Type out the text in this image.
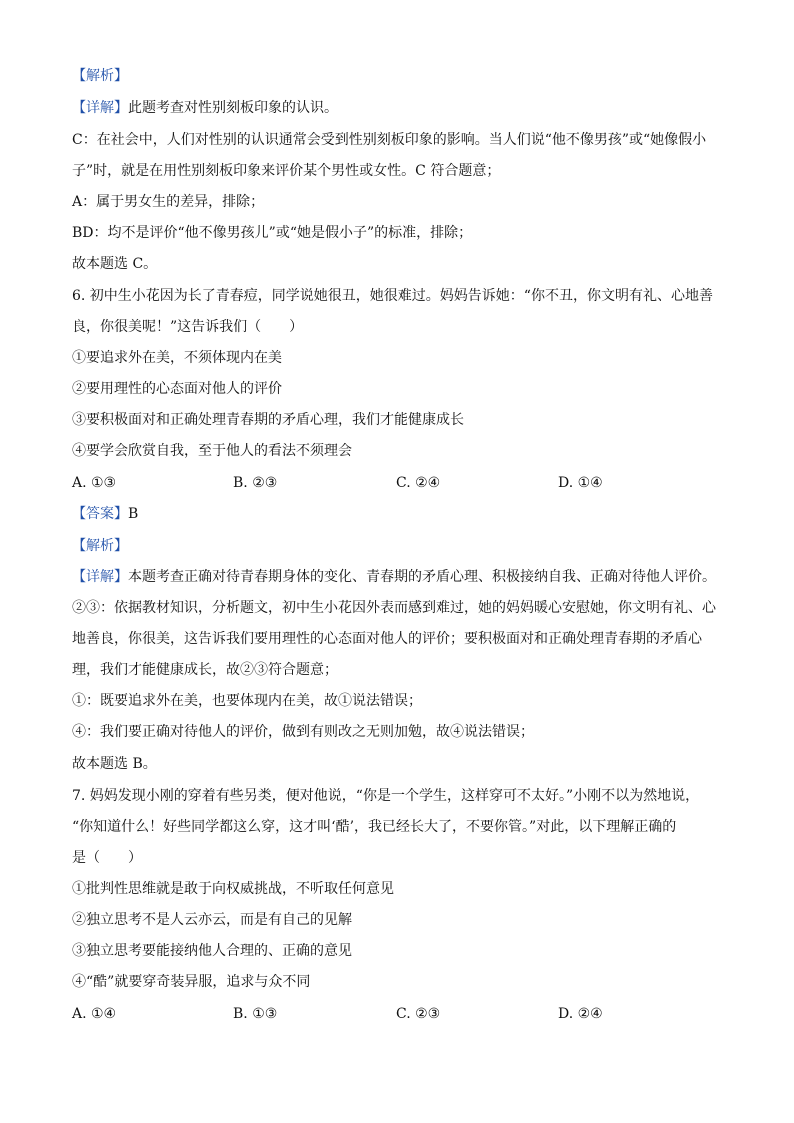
【解析】
【详解】此题考查对性别刻板印象的认识。
C：在社会中，人们对性别的认识通常会受到性别刻板印象的影响。当人们说“他不像男孩”或“她像假小
子”时，就是在用性别刻板印象来评价某个男性或女性。C 符合题意；
A：属于男女生的差异，排除；
BD：均不是评价“他不像男孩儿”或“她是假小子”的标准，排除；
故本题选 C。
6. 初中生小花因为长了青春痘，同学说她很丑，她很难过。妈妈告诉她：“你不丑，你文明有礼、心地善
良，你很美呢！”这告诉我们（　　）
①要追求外在美，不须体现内在美
②要用理性的心态面对他人的评价
③要积极面对和正确处理青春期的矛盾心理，我们才能健康成长
④要学会欣赏自我，至于他人的看法不须理会
A. ①③	B. ②③	C. ②④	D. ①④
【答案】B
【解析】
【详解】本题考查正确对待青春期身体的变化、青春期的矛盾心理、积极接纳自我、正确对待他人评价。
②③：依据教材知识，分析题文，初中生小花因外表而感到难过，她的妈妈暖心安慰她，你文明有礼、心
地善良，你很美，这告诉我们要用理性的心态面对他人的评价；要积极面对和正确处理青春期的矛盾心
理，我们才能健康成长，故②③符合题意；
①：既要追求外在美，也要体现内在美，故①说法错误；
④：我们要正确对待他人的评价，做到有则改之无则加勉，故④说法错误；
故本题选 B。
7. 妈妈发现小刚的穿着有些另类，便对他说，“你是一个学生，这样穿可不太好。”小刚不以为然地说，
“你知道什么！好些同学都这么穿，这才叫‘酷’，我已经长大了，不要你管。”对此，以下理解正确的
是（　　）
①批判性思维就是敢于向权威挑战，不听取任何意见
②独立思考不是人云亦云，而是有自己的见解
③独立思考要能接纳他人合理的、正确的意见
④“酷”就要穿奇装异服，追求与众不同
A. ①④	B. ①③	C. ②③	D. ②④
